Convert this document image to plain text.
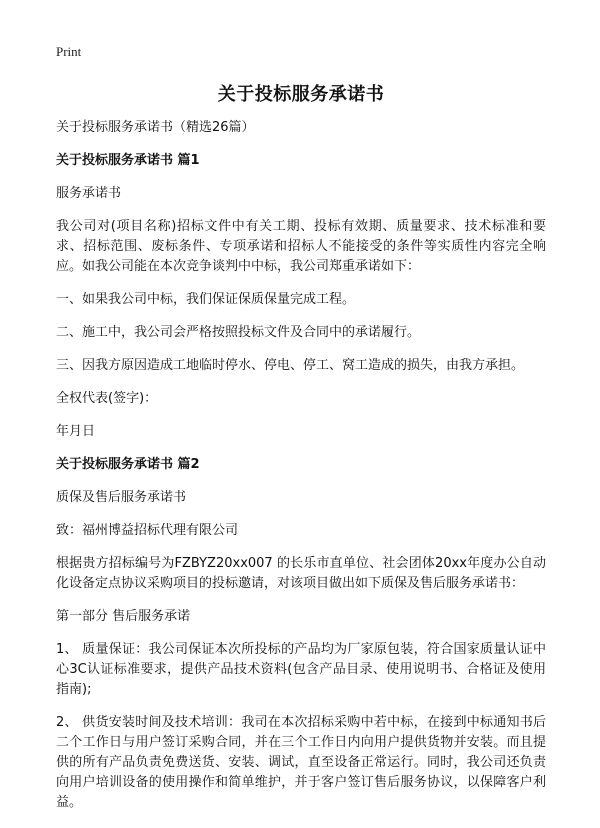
Print
关于投标服务承诺书
关于投标服务承诺书（精选26篇）
关于投标服务承诺书 篇1
服务承诺书
我公司对(项目名称)招标文件中有关工期、投标有效期、质量要求、技术标准和要求、招标范围、废标条件、专项承诺和招标人不能接受的条件等实质性内容完全响应。如我公司能在本次竞争谈判中中标，我公司郑重承诺如下：
一、如果我公司中标，我们保证保质保量完成工程。
二、施工中，我公司会严格按照投标文件及合同中的承诺履行。
三、因我方原因造成工地临时停水、停电、停工、窝工造成的损失，由我方承担。
全权代表(签字)：
年月日
关于投标服务承诺书 篇2
质保及售后服务承诺书
致：福州博益招标代理有限公司
根据贵方招标编号为FZBYZ20xx007 的长乐市直单位、社会团体20xx年度办公自动化设备定点协议采购项目的投标邀请，对该项目做出如下质保及售后服务承诺书：
第一部分 售后服务承诺
1、 质量保证：我公司保证本次所投标的产品均为厂家原包装，符合国家质量认证中心3C认证标准要求，提供产品技术资料(包含产品目录、使用说明书、合格证及使用指南);
2、 供货安装时间及技术培训：我司在本次招标采购中若中标，在接到中标通知书后二个工作日与用户签订采购合同，并在三个工作日内向用户提供货物并安装。而且提供的所有产品负责免费送货、安装、调试，直至设备正常运行。同时，我公司还负责向用户培训设备的使用操作和简单维护，并于客户签订售后服务协议，以保障客户利益。
